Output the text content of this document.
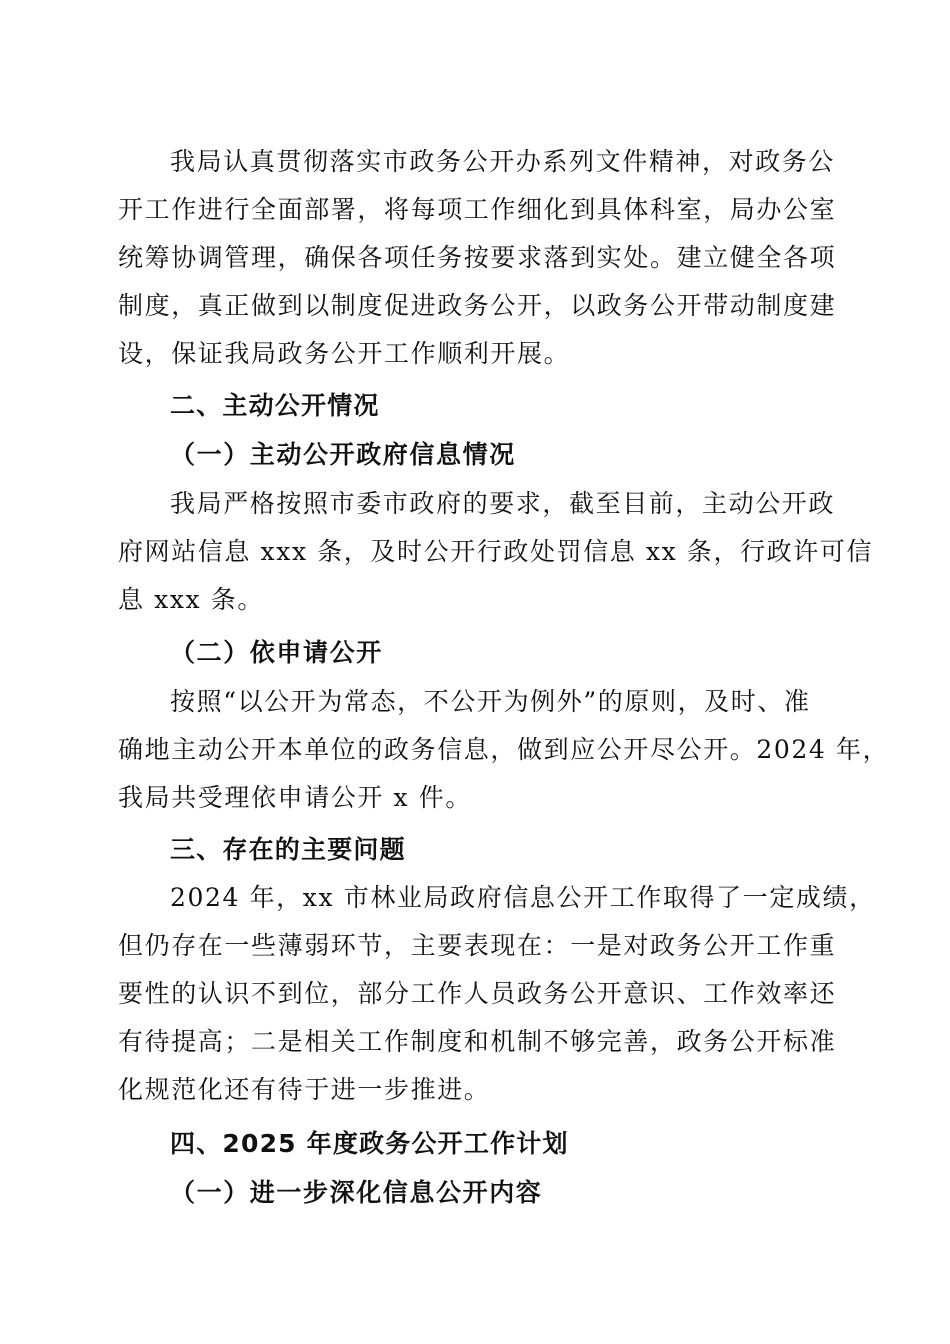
我局认真贯彻落实市政务公开办系列文件精神，对政务公
开工作进行全面部署，将每项工作细化到具体科室，局办公室
统筹协调管理，确保各项任务按要求落到实处。建立健全各项
制度，真正做到以制度促进政务公开，以政务公开带动制度建
设，保证我局政务公开工作顺利开展。

二、主动公开情况
（一）主动公开政府信息情况

我局严格按照市委市政府的要求，截至目前，主动公开政
府网站信息 xxx 条，及时公开行政处罚信息 xx 条，行政许可信
息 xxx 条。

（二）依申请公开

按照“以公开为常态，不公开为例外”的原则，及时、准
确地主动公开本单位的政务信息，做到应公开尽公开。2024 年，
我局共受理依申请公开 x 件。

三、存在的主要问题

2024 年，xx 市林业局政府信息公开工作取得了一定成绩，
但仍存在一些薄弱环节，主要表现在：一是对政务公开工作重
要性的认识不到位，部分工作人员政务公开意识、工作效率还
有待提高；二是相关工作制度和机制不够完善，政务公开标准
化规范化还有待于进一步推进。

四、2025 年度政务公开工作计划
（一）进一步深化信息公开内容
